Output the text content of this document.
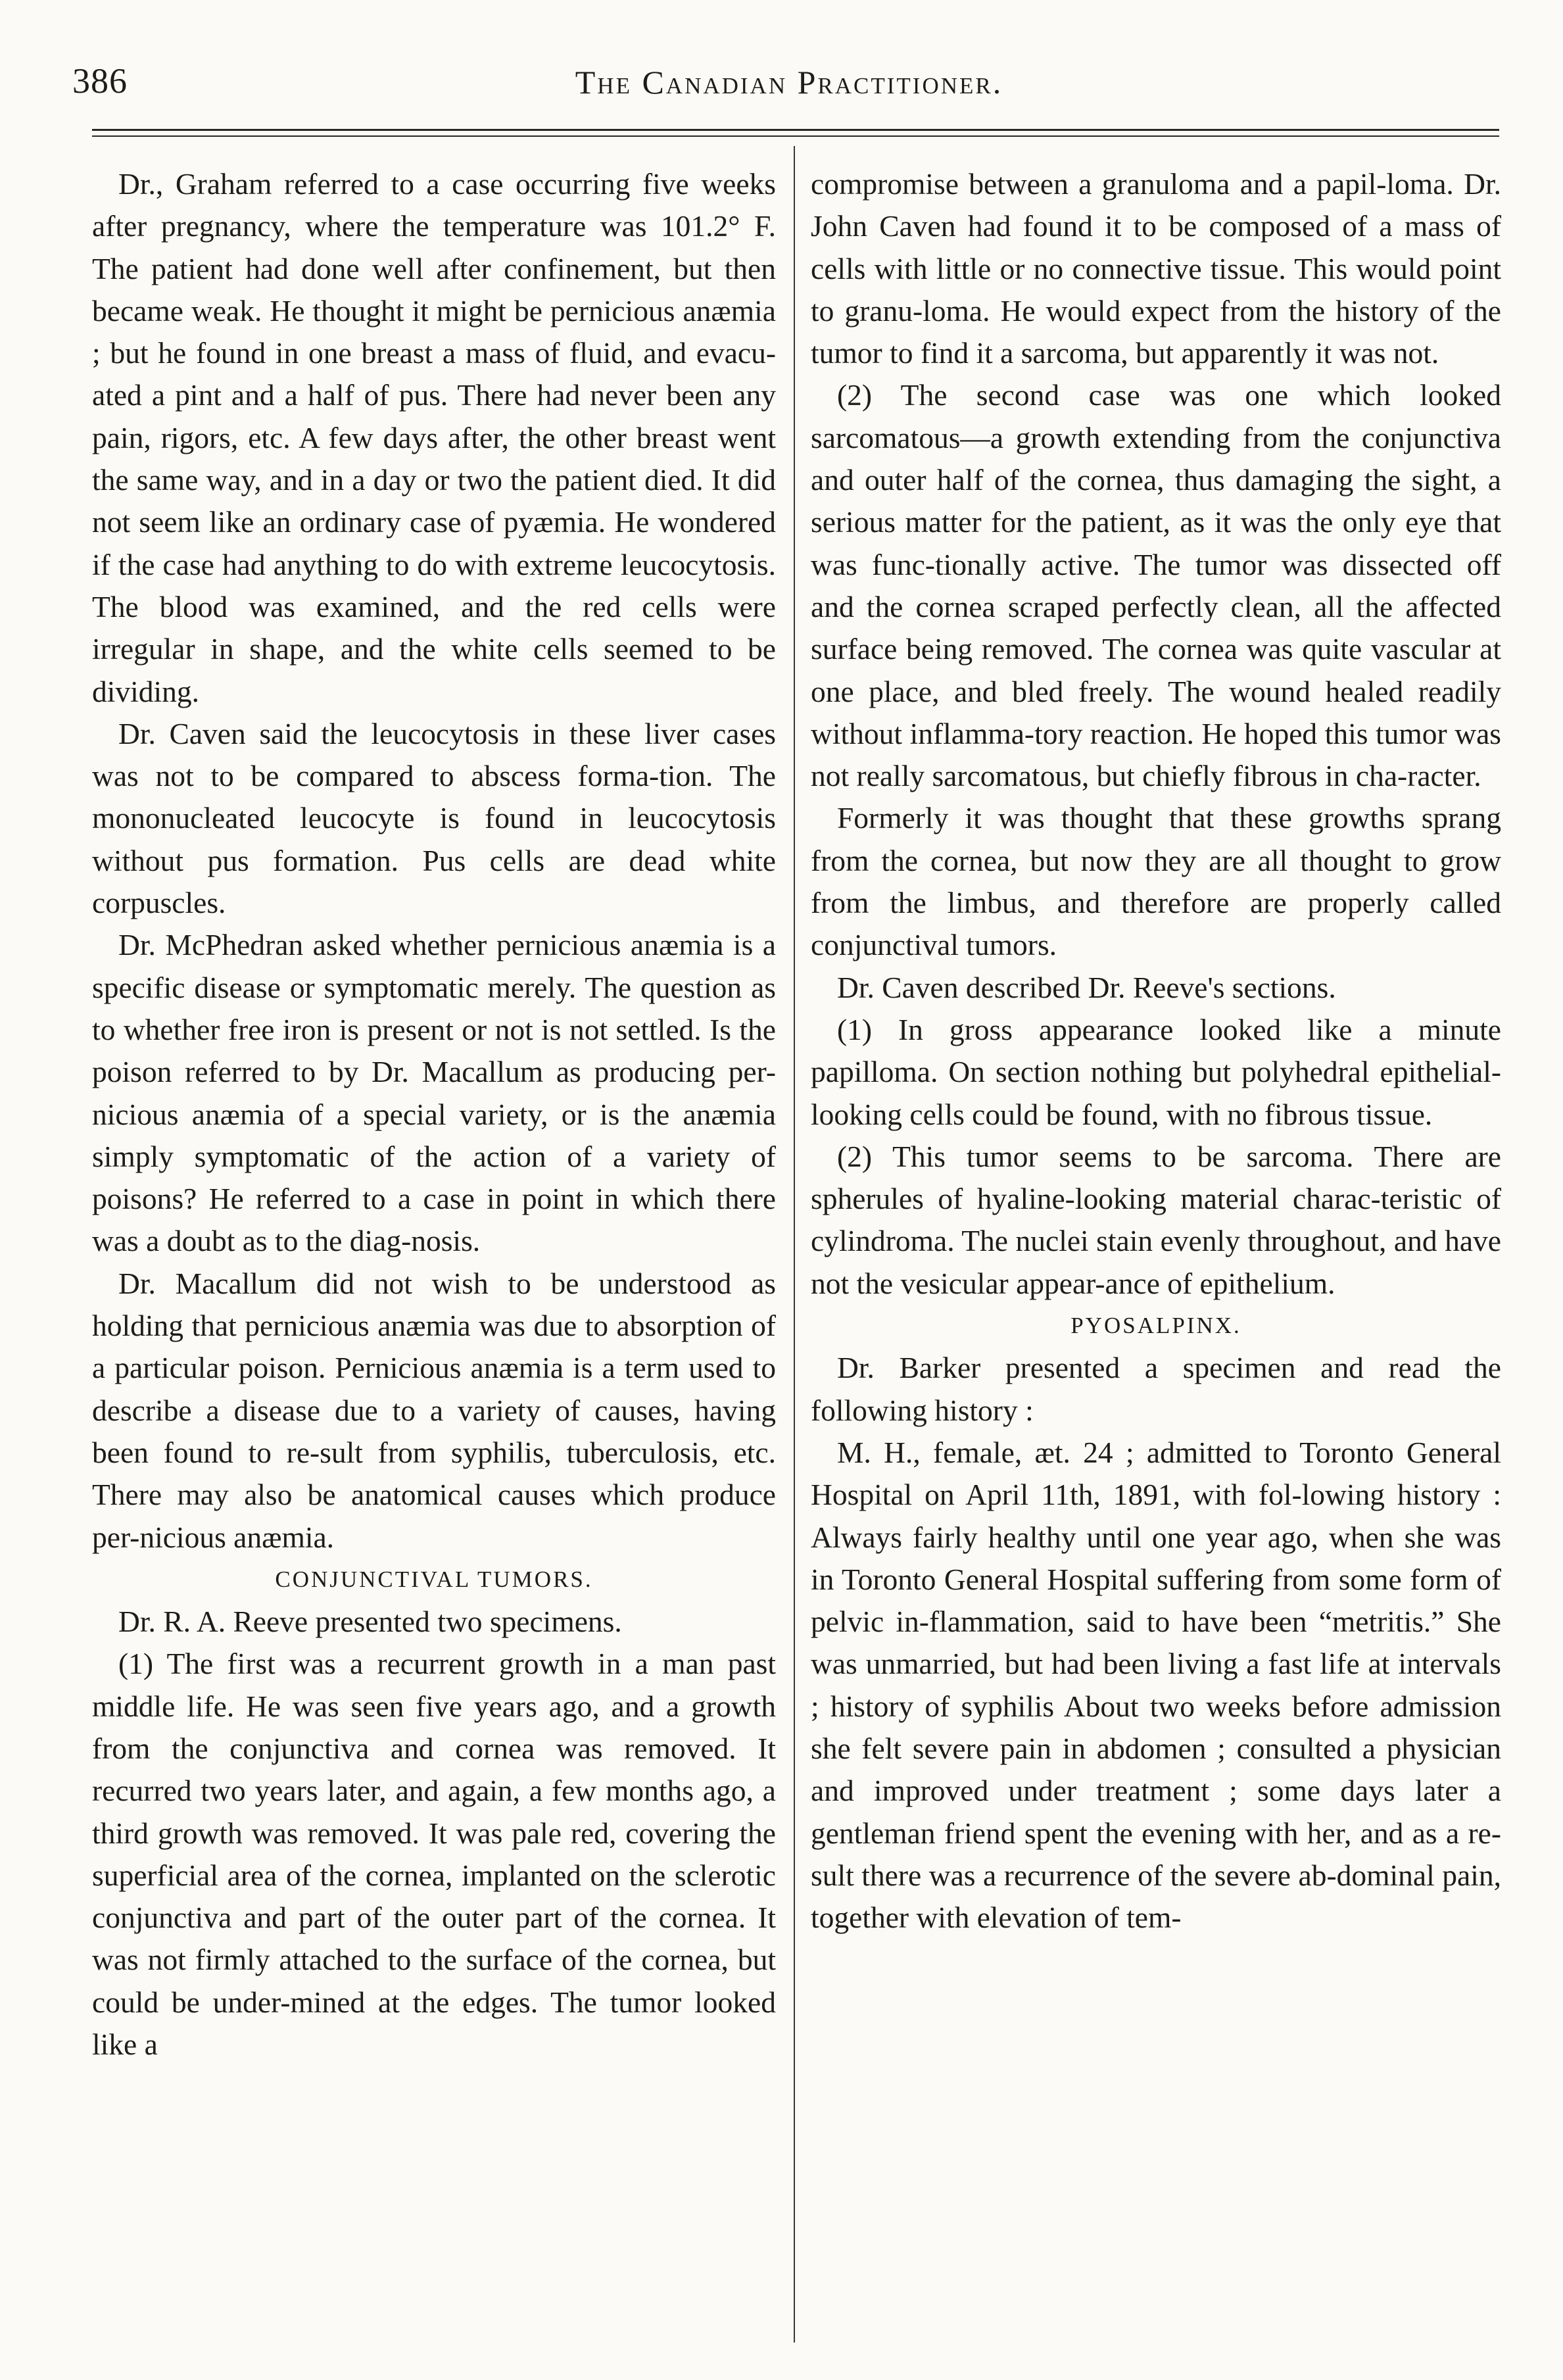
386	The Canadian Practitioner.

Dr., Graham referred to a case occurring five weeks after pregnancy, where the temperature was 101.2° F. The patient had done well after confinement, but then became weak. He thought it might be pernicious anæmia ; but he found in one breast a mass of fluid, and evacu-ated a pint and a half of pus. There had never been any pain, rigors, etc. A few days after, the other breast went the same way, and in a day or two the patient died. It did not seem like an ordinary case of pyæmia. He wondered if the case had anything to do with extreme leucocytosis. The blood was examined, and the red cells were irregular in shape, and the white cells seemed to be dividing.

Dr. Caven said the leucocytosis in these liver cases was not to be compared to abscess forma-tion. The mononucleated leucocyte is found in leucocytosis without pus formation. Pus cells are dead white corpuscles.

Dr. McPhedran asked whether pernicious anæmia is a specific disease or symptomatic merely. The question as to whether free iron is present or not is not settled. Is the poison referred to by Dr. Macallum as producing per-nicious anæmia of a special variety, or is the anæmia simply symptomatic of the action of a variety of poisons? He referred to a case in point in which there was a doubt as to the diag-nosis.

Dr. Macallum did not wish to be understood as holding that pernicious anæmia was due to absorption of a particular poison. Pernicious anæmia is a term used to describe a disease due to a variety of causes, having been found to re-sult from syphilis, tuberculosis, etc. There may also be anatomical causes which produce per-nicious anæmia.

CONJUNCTIVAL TUMORS.

Dr. R. A. Reeve presented two specimens.

(1) The first was a recurrent growth in a man past middle life. He was seen five years ago, and a growth from the conjunctiva and cornea was removed. It recurred two years later, and again, a few months ago, a third growth was removed. It was pale red, covering the superficial area of the cornea, implanted on the sclerotic conjunctiva and part of the outer part of the cornea. It was not firmly attached to the surface of the cornea, but could be under-mined at the edges. The tumor looked like a

compromise between a granuloma and a papil-loma. Dr. John Caven had found it to be composed of a mass of cells with little or no connective tissue. This would point to granu-loma. He would expect from the history of the tumor to find it a sarcoma, but apparently it was not.

(2) The second case was one which looked sarcomatous—a growth extending from the conjunctiva and outer half of the cornea, thus damaging the sight, a serious matter for the patient, as it was the only eye that was func-tionally active. The tumor was dissected off and the cornea scraped perfectly clean, all the affected surface being removed. The cornea was quite vascular at one place, and bled freely. The wound healed readily without inflamma-tory reaction. He hoped this tumor was not really sarcomatous, but chiefly fibrous in cha-racter.

Formerly it was thought that these growths sprang from the cornea, but now they are all thought to grow from the limbus, and therefore are properly called conjunctival tumors.

Dr. Caven described Dr. Reeve's sections.

(1) In gross appearance looked like a minute papilloma. On section nothing but polyhedral epithelial-looking cells could be found, with no fibrous tissue.

(2) This tumor seems to be sarcoma. There are spherules of hyaline-looking material charac-teristic of cylindroma. The nuclei stain evenly throughout, and have not the vesicular appear-ance of epithelium.

PYOSALPINX.

Dr. Barker presented a specimen and read the following history :

M. H., female, æt. 24 ; admitted to Toronto General Hospital on April 11th, 1891, with fol-lowing history : Always fairly healthy until one year ago, when she was in Toronto General Hospital suffering from some form of pelvic in-flammation, said to have been “metritis.” She was unmarried, but had been living a fast life at intervals ; history of syphilis About two weeks before admission she felt severe pain in abdomen ; consulted a physician and improved under treatment ; some days later a gentleman friend spent the evening with her, and as a re-sult there was a recurrence of the severe ab-dominal pain, together with elevation of tem-
